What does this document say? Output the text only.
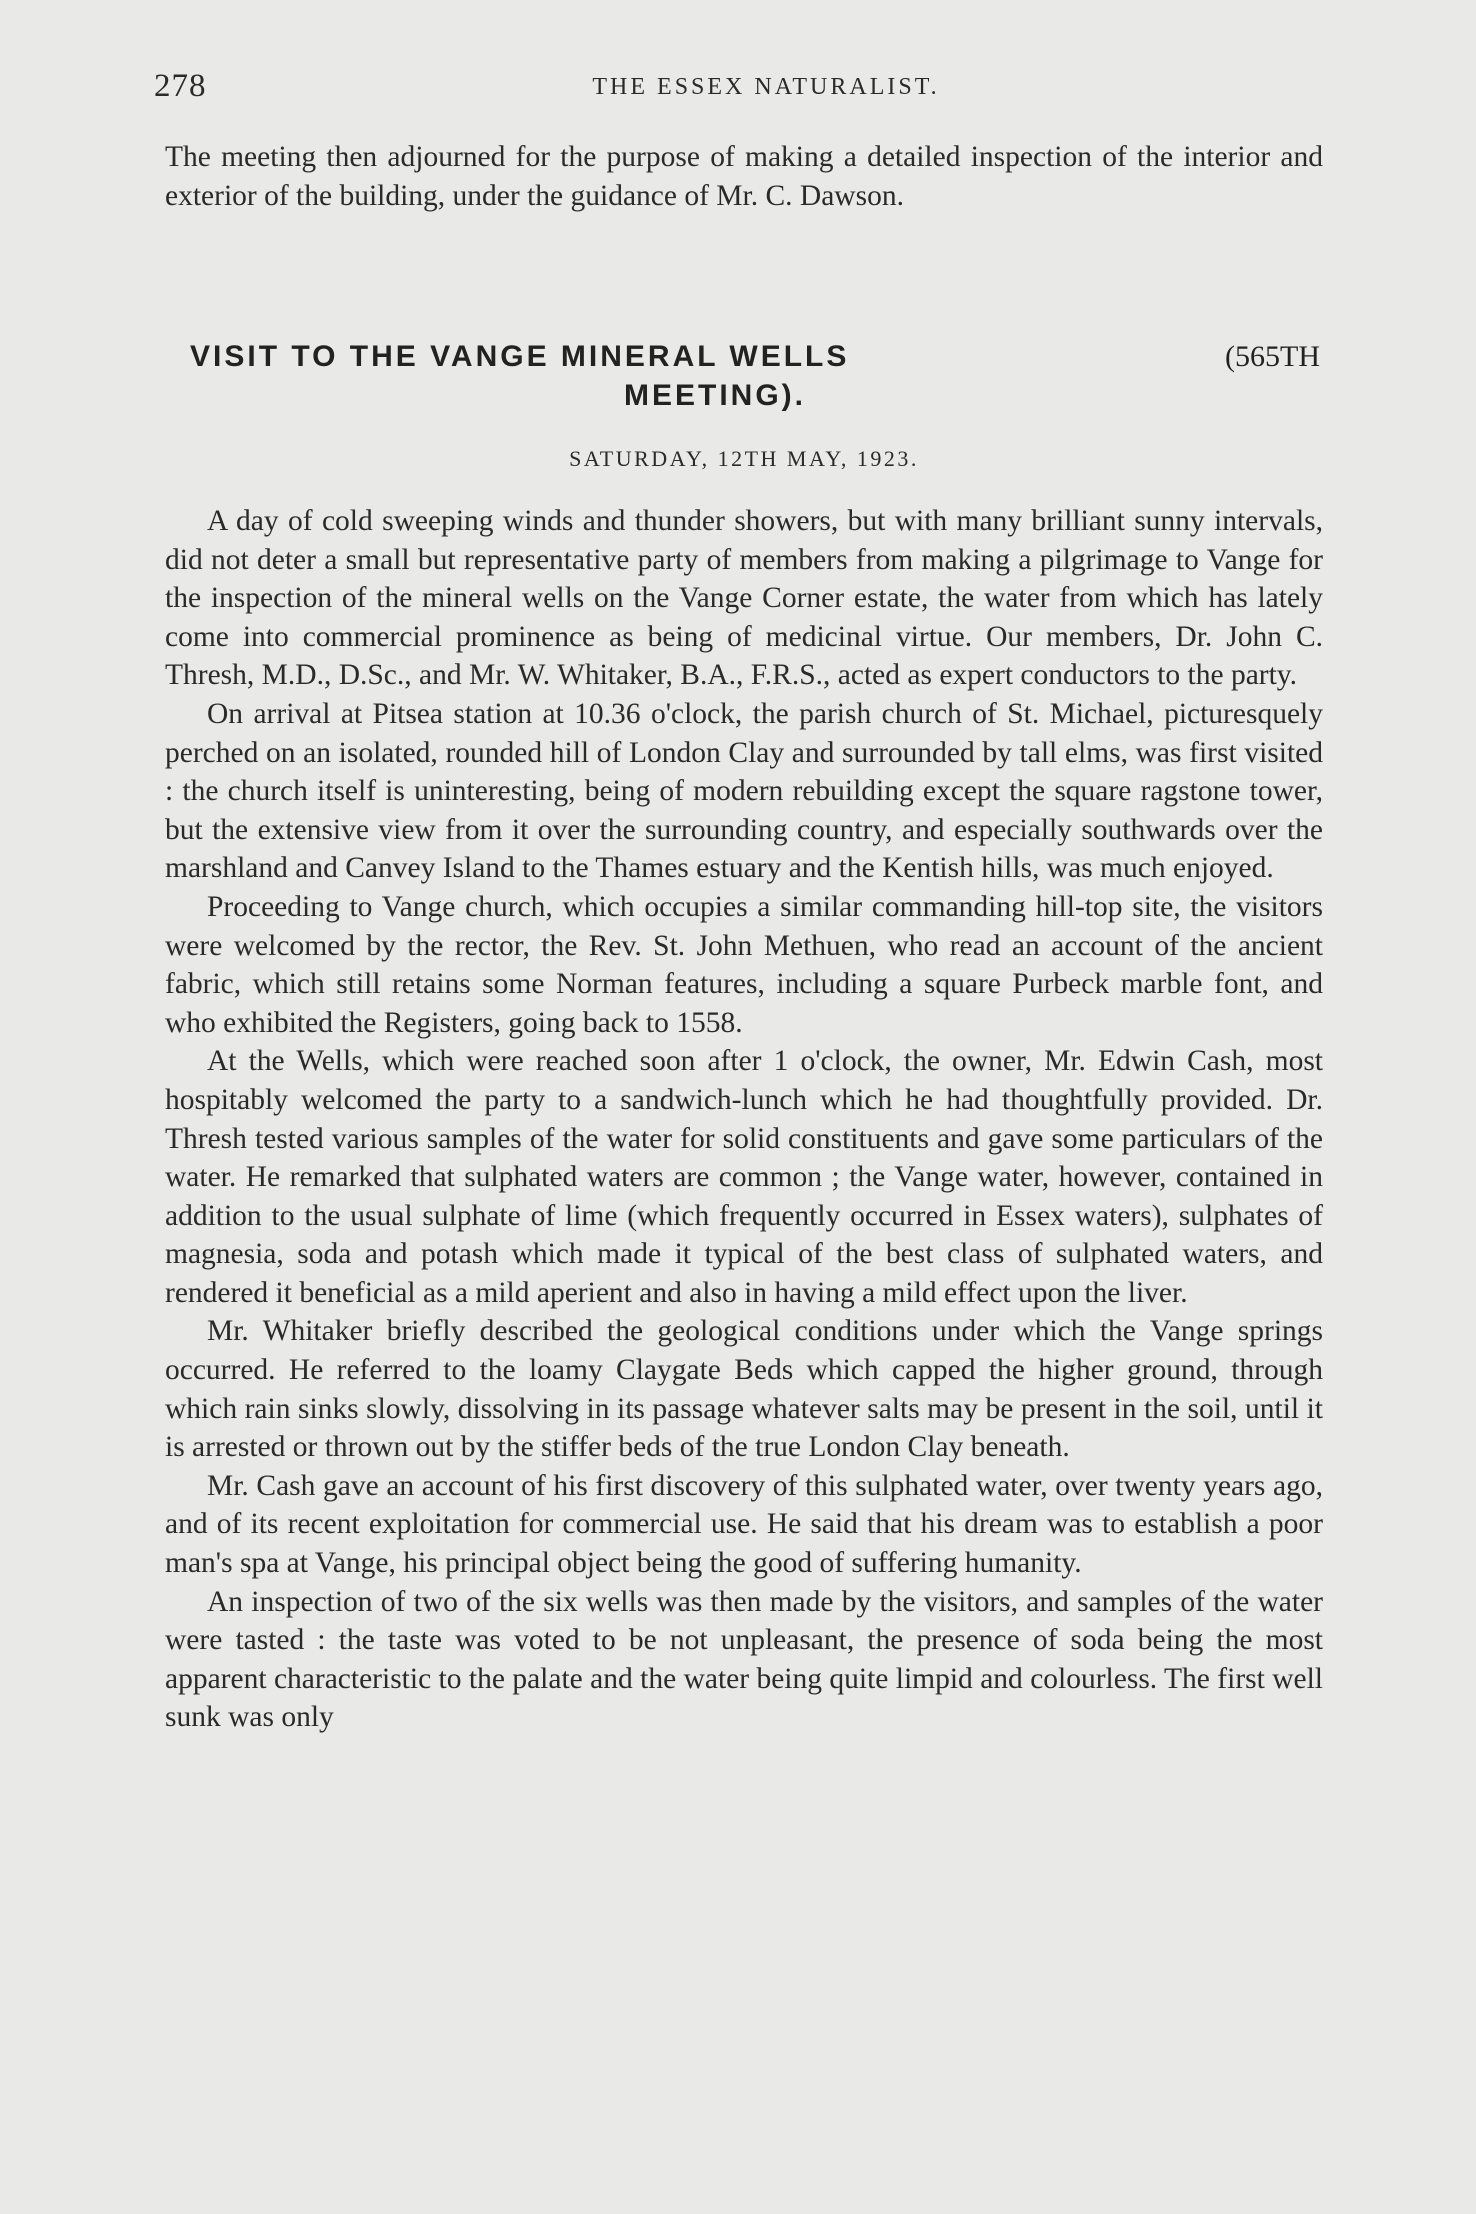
278	THE ESSEX NATURALIST.

The meeting then adjourned for the purpose of making a detailed inspection of the interior and exterior of the building, under the guidance of Mr. C. Dawson.

VISIT TO THE VANGE MINERAL WELLS	(565TH
MEETING).
SATURDAY, 12TH MAY, 1923.

A day of cold sweeping winds and thunder showers, but with many brilliant sunny intervals, did not deter a small but representative party of members from making a pilgrimage to Vange for the inspection of the mineral wells on the Vange Corner estate, the water from which has lately come into commercial prominence as being of medicinal virtue. Our members, Dr. John C. Thresh, M.D., D.Sc., and Mr. W. Whitaker, B.A., F.R.S., acted as expert conductors to the party.

On arrival at Pitsea station at 10.36 o'clock, the parish church of St. Michael, picturesquely perched on an isolated, rounded hill of London Clay and surrounded by tall elms, was first visited : the church itself is uninteresting, being of modern rebuilding except the square ragstone tower, but the extensive view from it over the surrounding country, and especially southwards over the marshland and Canvey Island to the Thames estuary and the Kentish hills, was much enjoyed.

Proceeding to Vange church, which occupies a similar commanding hill-top site, the visitors were welcomed by the rector, the Rev. St. John Methuen, who read an account of the ancient fabric, which still retains some Norman features, including a square Purbeck marble font, and who exhibited the Registers, going back to 1558.

At the Wells, which were reached soon after 1 o'clock, the owner, Mr. Edwin Cash, most hospitably welcomed the party to a sandwich-lunch which he had thoughtfully provided. Dr. Thresh tested various samples of the water for solid constituents and gave some particulars of the water. He remarked that sulphated waters are common ; the Vange water, however, contained in addition to the usual sulphate of lime (which frequently occurred in Essex waters), sulphates of magnesia, soda and potash which made it typical of the best class of sulphated waters, and rendered it beneficial as a mild aperient and also in having a mild effect upon the liver.

Mr. Whitaker briefly described the geological conditions under which the Vange springs occurred. He referred to the loamy Claygate Beds which capped the higher ground, through which rain sinks slowly, dissolving in its passage whatever salts may be present in the soil, until it is arrested or thrown out by the stiffer beds of the true London Clay beneath.

Mr. Cash gave an account of his first discovery of this sulphated water, over twenty years ago, and of its recent exploitation for commercial use. He said that his dream was to establish a poor man's spa at Vange, his principal object being the good of suffering humanity.

An inspection of two of the six wells was then made by the visitors, and samples of the water were tasted : the taste was voted to be not unpleasant, the presence of soda being the most apparent characteristic to the palate and the water being quite limpid and colourless. The first well sunk was only
